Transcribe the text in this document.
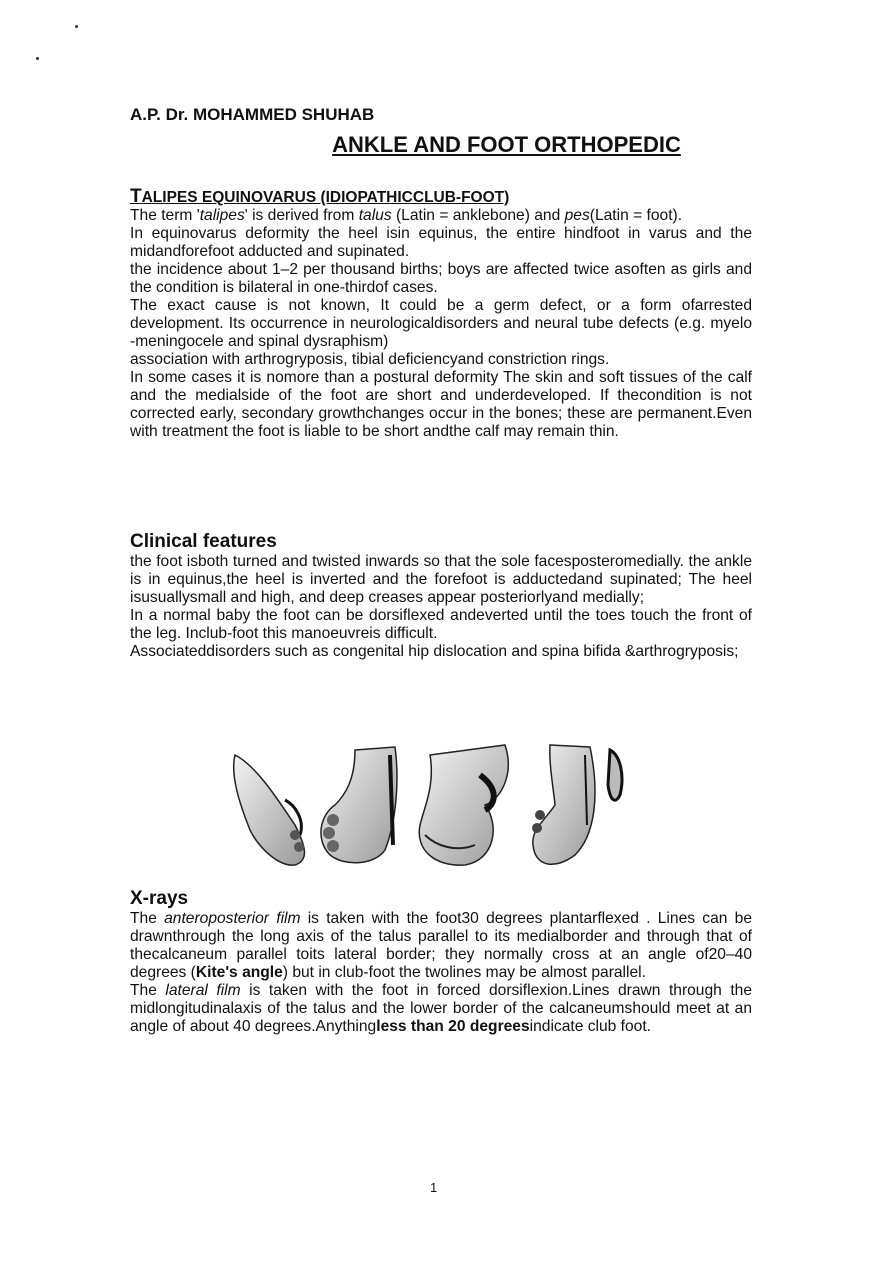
A.P. Dr. MOHAMMED SHUHAB
ANKLE AND FOOT ORTHOPEDIC
TALIPES EQUINOVARUS (IDIOPATHICCLUB-FOOT)

The term 'talipes' is derived from talus (Latin = anklebone) and pes(Latin = foot).

In equinovarus deformity the heel isin equinus, the entire hindfoot in varus and the midandforefoot adducted and supinated.

the incidence about 1–2 per thousand births; boys are affected twice asoften as girls and the condition is bilateral in one-thirdof cases.

The exact cause is not known, It could be a germ defect, or a form ofarrested development. Its occurrence in neurologicaldisorders and neural tube defects (e.g. myelo -meningocele and spinal dysraphism)

association with arthrogryposis, tibial deficiencyand constriction rings.

In some cases it is nomore than a postural deformity The skin and soft tissues of the calf and the medialside of the foot are short and underdeveloped. If thecondition is not corrected early, secondary growthchanges occur in the bones; these are permanent.Even with treatment the foot is liable to be short andthe calf may remain thin.

Clinical features

the foot isboth turned and twisted inwards so that the sole facesposteromedially. the ankle is in equinus,the heel is inverted and the forefoot is adductedand supinated; The heel isusuallysmall and high, and deep creases appear posteriorlyand medially;

In a normal baby the foot can be dorsiflexed andeverted until the toes touch the front of the leg. Inclub-foot this manoeuvreis difficult.

Associateddisorders such as congenital hip dislocation and spina bifida &arthrogryposis;

X-rays

The anteroposterior film is taken with the foot30 degrees plantarflexed . Lines can be drawnthrough the long axis of the talus parallel to its medialborder and through that of thecalcaneum parallel toits lateral border; they normally cross at an angle of20–40 degrees (Kite's angle) but in club-foot the twolines may be almost parallel.

The lateral film is taken with the foot in forced dorsiflexion.Lines drawn through the midlongitudinalaxis of the talus and the lower border of the calcaneumshould meet at an angle of about 40 degrees.Anythingless than 20 degreesindicate club foot.

1
